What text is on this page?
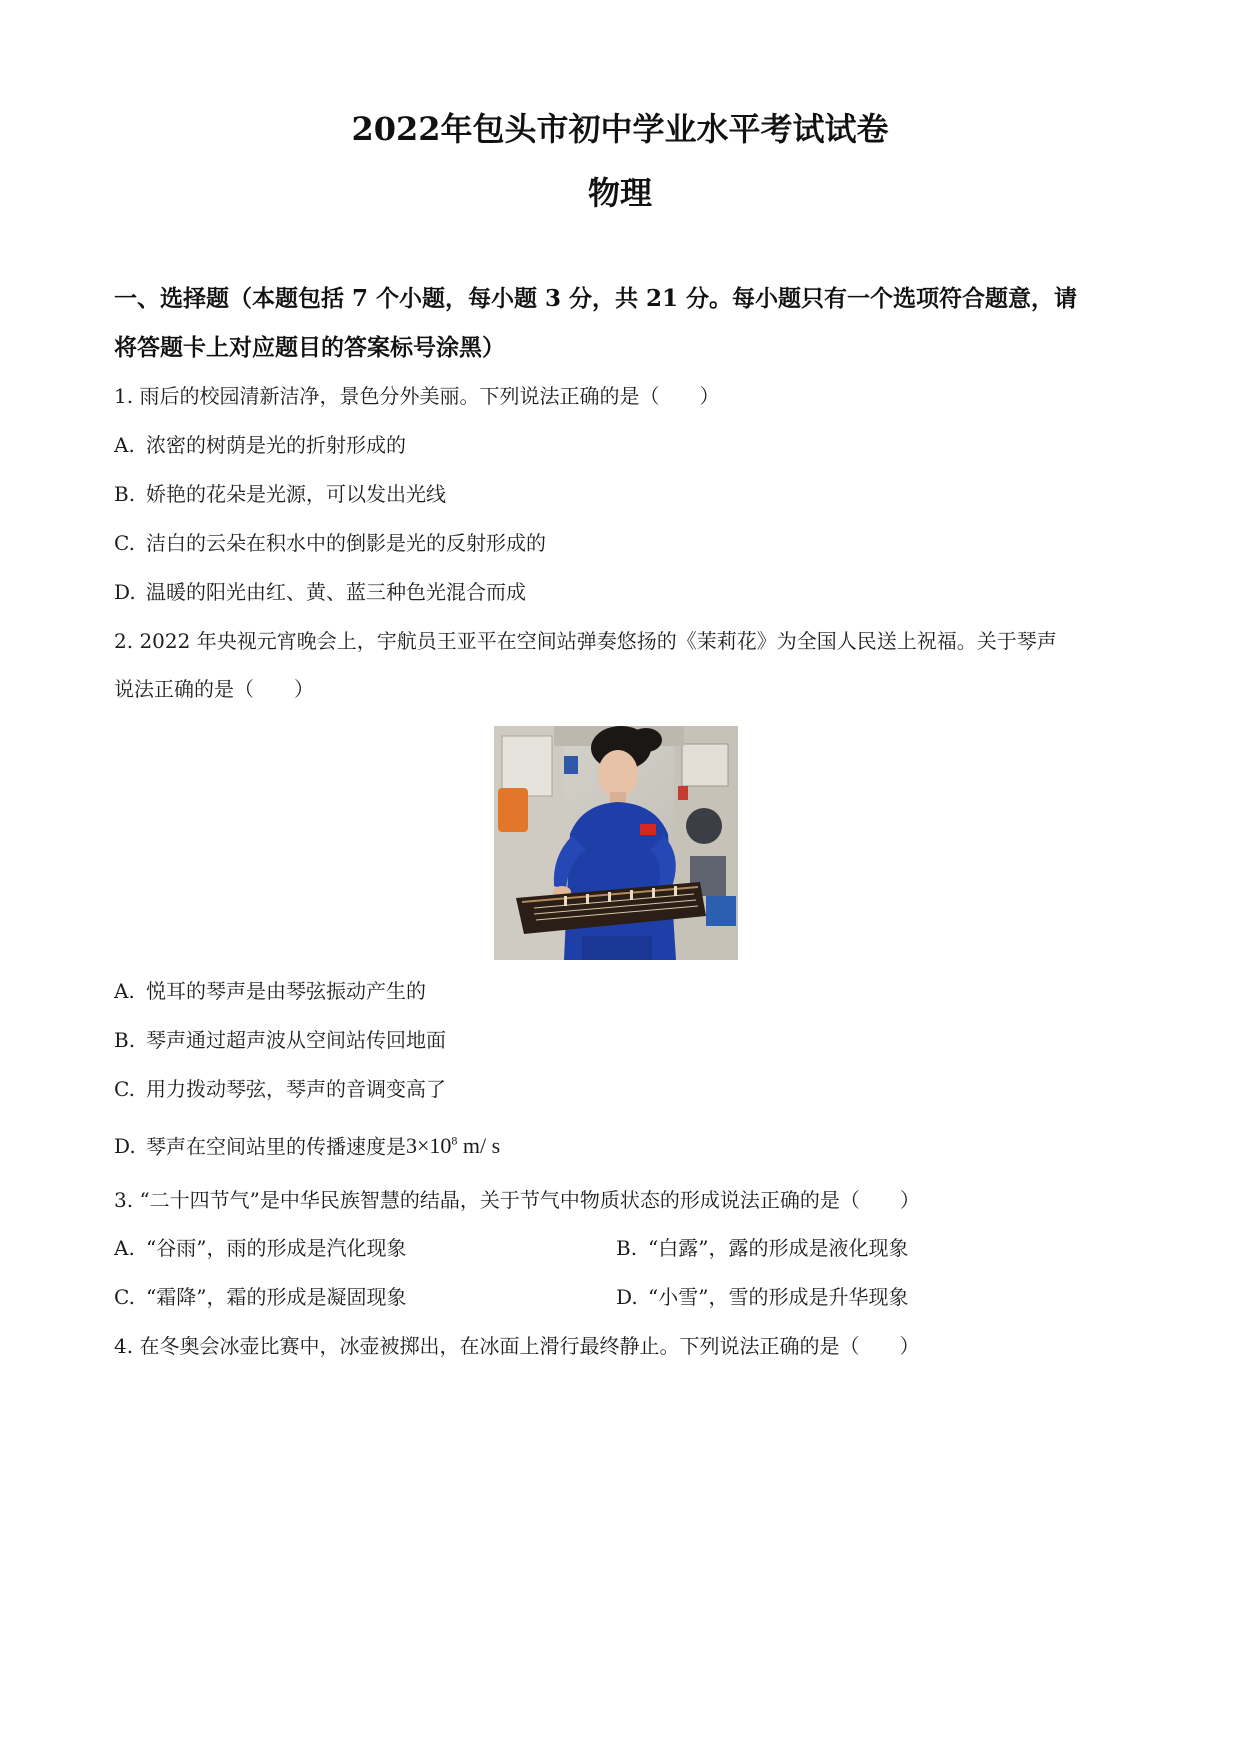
2022年包头市初中学业水平考试试卷
物理
一、选择题（本题包括 7 个小题，每小题 3 分，共 21 分。每小题只有一个选项符合题意，请
将答题卡上对应题目的答案标号涂黑）
1. 雨后的校园清新洁净，景色分外美丽。下列说法正确的是（　　）
A. 浓密的树荫是光的折射形成的
B. 娇艳的花朵是光源，可以发出光线
C. 洁白的云朵在积水中的倒影是光的反射形成的
D. 温暖的阳光由红、黄、蓝三种色光混合而成
2. 2022 年央视元宵晚会上，宇航员王亚平在空间站弹奏悠扬的《茉莉花》为全国人民送上祝福。关于琴声
说法正确的是（　　）
A. 悦耳的琴声是由琴弦振动产生的
B. 琴声通过超声波从空间站传回地面
C. 用力拨动琴弦，琴声的音调变高了
D. 琴声在空间站里的传播速度是$3\times 10^8$ m/ s
3. “二十四节气”是中华民族智慧的结晶，关于节气中物质状态的形成说法正确的是（　　）
A. “谷雨”，雨的形成是汽化现象	B. “白露”，露的形成是液化现象
C. “霜降”，霜的形成是凝固现象	D. “小雪”，雪的形成是升华现象
4. 在冬奥会冰壶比赛中，冰壶被掷出，在冰面上滑行最终静止。下列说法正确的是（　　）
